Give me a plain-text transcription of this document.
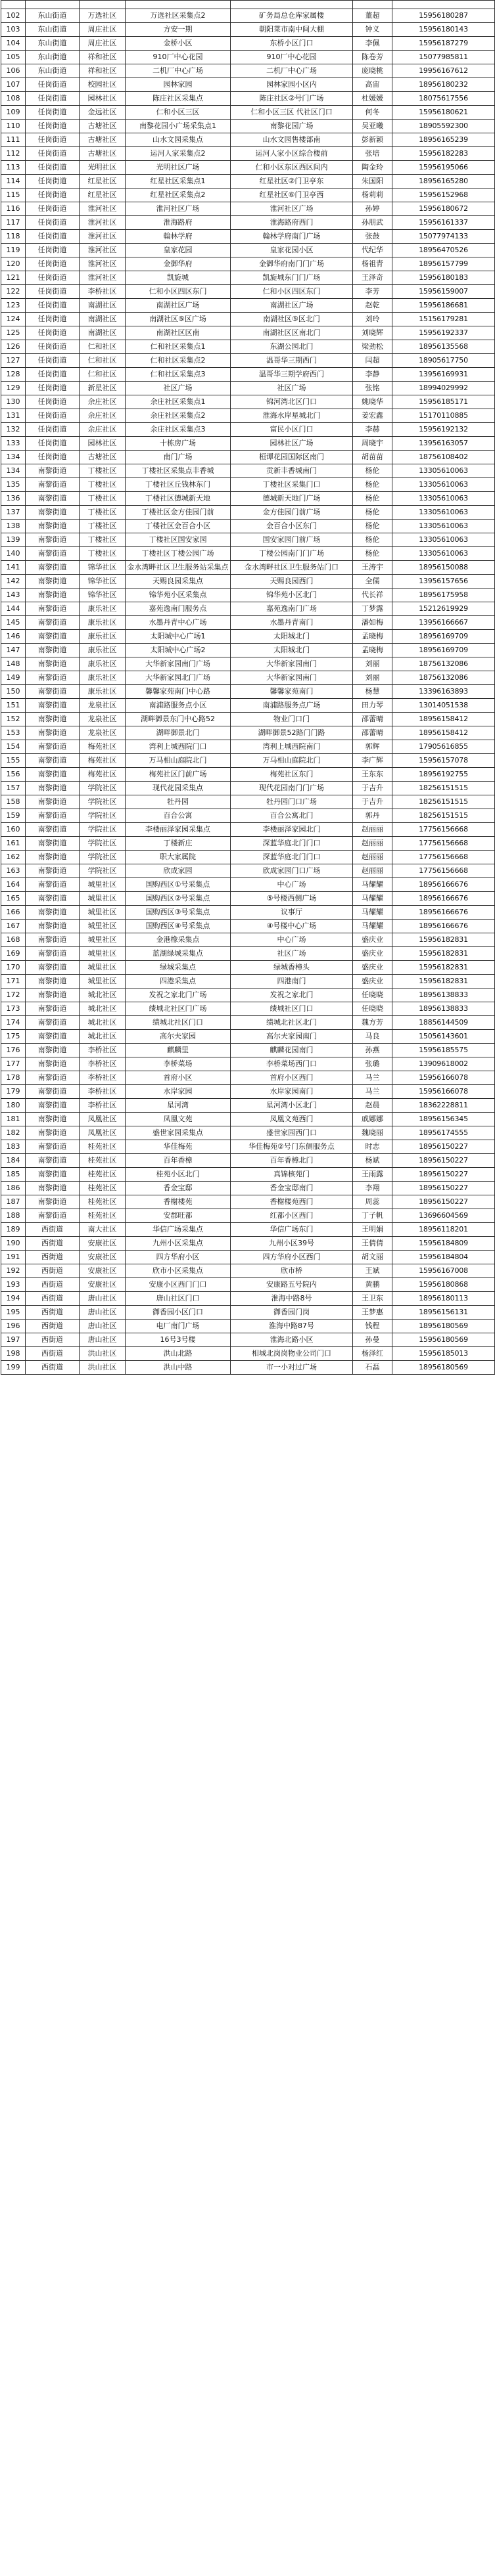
102	东山街道	万选社区	万选社区采集点2	矿务局总仓库家属楼	董超	15956180287
103	东山街道	周庄社区	方安一期	朝阳菜市南中间大棚	钟义	15956180143
104	东山街道	周庄社区	金桥小区	东桥小区门口	李佩	15956187279
105	东山街道	祥和社区	910厂中心花园	910厂中心花园	陈卷芳	15077985811
106	东山街道	祥和社区	二机厂中心广场	二机厂中心广场	庞晓桃	19956167612
107	任岗街道	校园社区	园林家园	园林家园小区内	高宙	18956180232
108	任岗街道	园林社区	陈庄社区采集点	陈庄社区②号门广场	杜媛媛	18075617556
109	任岗街道	金远社区	仁和小区三区	仁和小区三区 代社区门口	何冬	15956180621
110	任岗街道	古塘社区	南黎花园小广场采集点1	南黎花园广场	吴亚曦	18905592300
111	任岗街道	古塘社区	山水文园采集点	山水文园售楼部南	彭新颖	18956165239
112	任岗街道	古塘社区	运河人家采集点2	运河人家小区综合楼前	张培	15956182283
113	任岗街道	光明社区	光明社区广场	仁和小区东区西区间内	陶金玲	15956195066
114	任岗街道	红星社区	红星社区采集点1	红星社区②门卫亭东	朱国阳	18956165280
115	任岗街道	红星社区	红星社区采集点2	红星社区⑥门卫亭西	杨莉莉	15956152968
116	任岗街道	淮河社区	淮河社区广场	淮河社区广场	孙婷	15956180672
117	任岗街道	淮河社区	淮海路府	淮海路府西门	孙朋武	15956161337
118	任岗街道	淮河社区	翰林学府	翰林学府南门广场	张鼓	15077974133
119	任岗街道	淮河社区	皇家花园	皇家花园小区	代纪华	18956470526
120	任岗街道	淮河社区	金御华府	金御华府南门门广场	杨祖青	18956157799
121	任岗街道	淮河社区	凯旋城	凯旋城东门门广场	王泽奇	15956180183
122	任岗街道	李桥社区	仁和小区四区东门	仁和小区四区东门	李芳	15956159007
123	任岗街道	南湖社区	南湖社区广场	南湖社区广场	赵乾	15956186681
124	任岗街道	南湖社区	南湖社区⑤区广场	南湖社区⑤区北门	刘玲	15156179281
125	任岗街道	南湖社区	南湖社区区南	南湖社区区南北门	刘晓辉	15956192337
126	任岗街道	仁和社区	仁和社区采集点1	东湖公园北门	梁劲松	18956135568
127	任岗街道	仁和社区	仁和社区采集点2	温哥华三期西门	闫超	18905617750
128	任岗街道	仁和社区	仁和社区采集点3	温哥华三期学府西门	李静	13956169931
129	任岗街道	新星社区	社区广场	社区广场	张铭	18994029992
130	任岗街道	余庄社区	余庄社区采集点1	锦河湾北区门口	姚晓华	15956185171
131	任岗街道	余庄社区	余庄社区采集点2	淮海水岸星城北门	姜宏鑫	15170110885
132	任岗街道	余庄社区	余庄社区采集点3	富民小区门口	李赫	15956192132
133	任岗街道	园林社区	十栋房广场	园林社区广场	周晓宇	13956163057
134	任岗街道	古塘社区	南门广场	桓谭花园国际区南门	胡苗苗	18756108402
134	南黎街道	丁楼社区	丁楼社区采集点丰香城	贡新丰香城南门	杨伦	13305610063
135	南黎街道	丁楼社区	丁楼社区丘钱林东门	丁楼社区采集门口	杨伦	13305610063
136	南黎街道	丁楼社区	丁楼社区德城新天地	德城新天地门广场	杨伦	13305610063
137	南黎街道	丁楼社区	丁楼社区金方佳园门前	金方佳园门前广场	杨伦	13305610063
138	南黎街道	丁楼社区	丁楼社区金百合小区	金百合小区东门	杨伦	13305610063
139	南黎街道	丁楼社区	丁楼社区国安家园	国安家园门前广场	杨伦	13305610063
140	南黎街道	丁楼社区	丁楼社区丁楼公园广场	丁楼公园南门门广场	杨伦	13305610063
141	南黎街道	锦华社区	金水湾畔社区卫生服务站采集点	金水湾畔社区卫生服务站门口	王涛宇	18956150088
142	南黎街道	锦华社区	天赐良园采集点	天赐良园西门	全儒	13956157656
143	南黎街道	锦华社区	锦华苑小区采集点	锦华苑小区北门	代长祥	18956175958
144	南黎街道	康乐社区	嘉苑逸南门服务点	嘉苑逸南门广场	丁梦露	15212619929
145	南黎街道	康乐社区	水墨丹青中心广场	水墨丹青南门	潘如梅	13956166667
146	南黎街道	康乐社区	太阳城中心广场1	太阳城北门	孟晓梅	18956169709
147	南黎街道	康乐社区	太阳城中心广场2	太阳城北门	孟晓梅	18956169709
148	南黎街道	康乐社区	大华新家园南门广场	大华新家园南门	刘丽	18756132086
149	南黎街道	康乐社区	大华新家园北门广场	大华新家园南门	刘丽	18756132086
150	南黎街道	康乐社区	馨馨家苑南门中心路	馨馨家苑南门	杨慧	13396163893
151	南黎街道	龙泉社区	南浦路服务点小区	南浦路服务点广场	田力琴	13014051538
152	南黎街道	龙泉社区	湖畔御景东门中心路52	物业门口门	邵蕾晴	18956158412
153	南黎街道	龙泉社区	湖畔御景北门	湖畔御景52路门门路	邵蕾晴	18956158412
154	南黎街道	梅苑社区	湾利上城西院门口	湾利上城西院南门	郭辉	17905616855
155	南黎街道	梅苑社区	万马相山庭院北门	万马相山庭院北门	李广辉	15956157078
156	南黎街道	梅苑社区	梅苑社区门前广场	梅苑社区东门	王东东	18956192755
157	南黎街道	学院社区	现代花园采集点	现代花园南门门广场	于吉升	18256151515
158	南黎街道	学院社区	牡丹园	牡丹园门口广场	于吉升	18256151515
159	南黎街道	学院社区	百合公寓	百合公寓北门	郭丹	18256151515
160	南黎街道	学院社区	李楼丽泽家园采集点	李楼丽泽家园北门	赵丽丽	17756156668
161	南黎街道	学院社区	丁楼新庄	深蓝华庭北门门口	赵丽丽	17756156668
162	南黎街道	学院社区	职大家属院	深蓝华庭北门门口	赵丽丽	17756156668
163	南黎街道	学院社区	欣成家园	欣成家园门口广场	赵丽丽	17756156668
164	南黎街道	城里社区	国购西区①号采集点	中心广场	马耀耀	18956166676
165	南黎街道	城里社区	国购西区②号采集点	⑤号楼西侧广场	马耀耀	18956166676
166	南黎街道	城里社区	国购西区③号采集点	议事厅	马耀耀	18956166676
167	南黎街道	城里社区	国购西区④号采集点	④号楼中心广场	马耀耀	18956166676
168	南黎街道	城里社区	金港橡采集点	中心广场	盛庆业	15956182831
169	南黎街道	城里社区	蓝湖绿城采集点	社区广场	盛庆业	15956182831
170	南黎街道	城里社区	绿城采集点	绿城香樟头	盛庆业	15956182831
171	南黎街道	城里社区	四港采集点	四港南门	盛庆业	15956182831
172	南黎街道	城北社区	发祝之家北门广场	发祝之家北门	任晓晓	18956138833
173	南黎街道	城北社区	绩城北社区门广场	绩城社区门口	任晓晓	18956138833
174	南黎街道	城北社区	绩城北社区门口	绩城北社区北门	魏方芳	18856144509
175	南黎街道	城北社区	高尔夫家园	高尔夫家园南门	马良	15056143601
176	南黎街道	李桥社区	麒麟里	麒麟花园南门	孙燕	15956185575
177	南黎街道	李桥社区	李桥菜场	李桥菜场西门口	张璐	13909618002
178	南黎街道	李桥社区	首府小区	首府小区西门	马兰	15956166078
179	南黎街道	李桥社区	水岸家园	水岸家园南门	马兰	15956166078
180	南黎街道	李桥社区	星河湾	星河湾小区北门	赵晨	18362228811
181	南黎街道	凤凰社区	凤凰文苑	凤凰文苑西门	戚娜娜	18956156345
182	南黎街道	凤凰社区	盛世家园采集点	盛世家园西门口	魏晓丽	18956174555
183	南黎街道	桂苑社区	华佳梅苑	华佳梅苑②号门东侧服务点	时志	18956150227
184	南黎街道	桂苑社区	百年香樟	百年香樟北门	杨斌	18956150227
185	南黎街道	桂苑社区	桂苑小区北门	真锦核苑门	王雨露	18956150227
186	南黎街道	桂苑社区	香金宝邸	香金宝邸南门	李翔	18956150227
187	南黎街道	桂苑社区	香榭楼苑	香榭楼苑西门	周蕊	18956150227
188	南黎街道	桂苑社区	安郡旺都	红都小区西门	丁子帆	13696604569
189	西街道	南大社区	华信广场采集点	华信广场东门	王明娟	18956118201
190	西街道	安康社区	九州小区采集点	九州小区39号	王倩倩	15956184809
191	西街道	安康社区	四方华府小区	四方华府小区西门	胡文丽	15956184804
192	西街道	安康社区	欣市小区采集点	欣市桥	王斌	15956167008
193	西街道	安康社区	安康小区西门门口	安康路五号院内	黄鹏	15956180868
194	西街道	唐山社区	唐山社区门口	淮海中路8号	王卫东	18956180113
195	西街道	唐山社区	御香园小区门口	御香园门岗	王梦惠	18956156131
196	西街道	唐山社区	电厂南门广场	淮海中路87号	钱程	18956180569
197	西街道	唐山社区	16号3号楼	淮海北路小区	孙曼	15956180569
198	西街道	洪山社区	洪山北路	相城北岗岗物业公司门口	杨泽红	15956185013
199	西街道	洪山社区	洪山中路	市一小对过广场	石磊	18956180569
